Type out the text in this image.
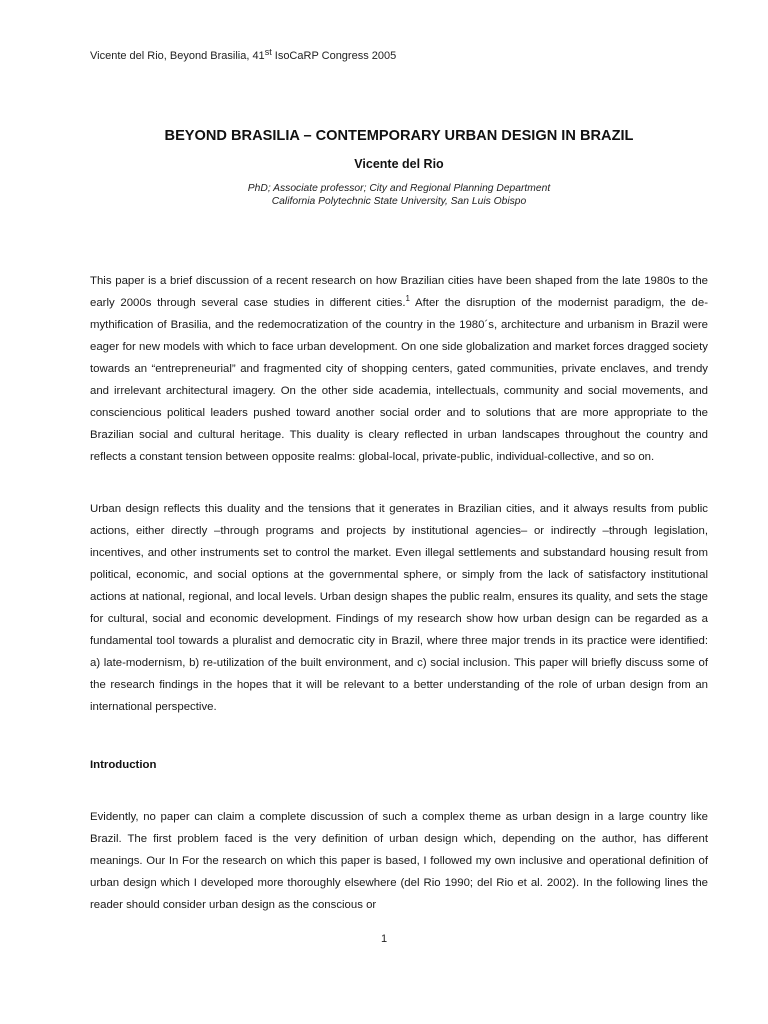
Vicente del Rio, Beyond Brasilia, 41st IsoCaRP Congress 2005
BEYOND BRASILIA – CONTEMPORARY URBAN DESIGN IN BRAZIL
Vicente del Rio
PhD; Associate professor; City and Regional Planning Department
California Polytechnic State University, San Luis Obispo

This paper is a brief discussion of a recent research on how Brazilian cities have been shaped from the late 1980s to the early 2000s through several case studies in different cities.$^1$ After the disruption of the modernist paradigm, the de-mythification of Brasilia, and the redemocratization of the country in the 1980´s, architecture and urbanism in Brazil were eager for new models with which to face urban development. On one side globalization and market forces dragged society towards an “entrepreneurial” and fragmented city of shopping centers, gated communities, private enclaves, and trendy and irrelevant architectural imagery. On the other side academia, intellectuals, community and social movements, and consciencious political leaders pushed toward another social order and to solutions that are more appropriate to the Brazilian social and cultural heritage. This duality is cleary reflected in urban landscapes throughout the country and reflects a constant tension between opposite realms: global-local, private-public, individual-collective, and so on.

Urban design reflects this duality and the tensions that it generates in Brazilian cities, and it always results from public actions, either directly –through programs and projects by institutional agencies– or indirectly –through legislation, incentives, and other instruments set to control the market. Even illegal settlements and substandard housing result from political, economic, and social options at the governmental sphere, or simply from the lack of satisfactory institutional actions at national, regional, and local levels. Urban design shapes the public realm, ensures its quality, and sets the stage for cultural, social and economic development. Findings of my research show how urban design can be regarded as a fundamental tool towards a pluralist and democratic city in Brazil, where three major trends in its practice were identified: a) late-modernism, b) re-utilization of the built environment, and c) social inclusion. This paper will briefly discuss some of the research findings in the hopes that it will be relevant to a better understanding of the role of urban design from an international perspective.

Introduction

Evidently, no paper can claim a complete discussion of such a complex theme as urban design in a large country like Brazil. The first problem faced is the very definition of urban design which, depending on the author, has different meanings. Our In For the research on which this paper is based, I followed my own inclusive and operational definition of urban design which I developed more thoroughly elsewhere (del Rio 1990; del Rio et al. 2002). In the following lines the reader should consider urban design as the conscious or

1
